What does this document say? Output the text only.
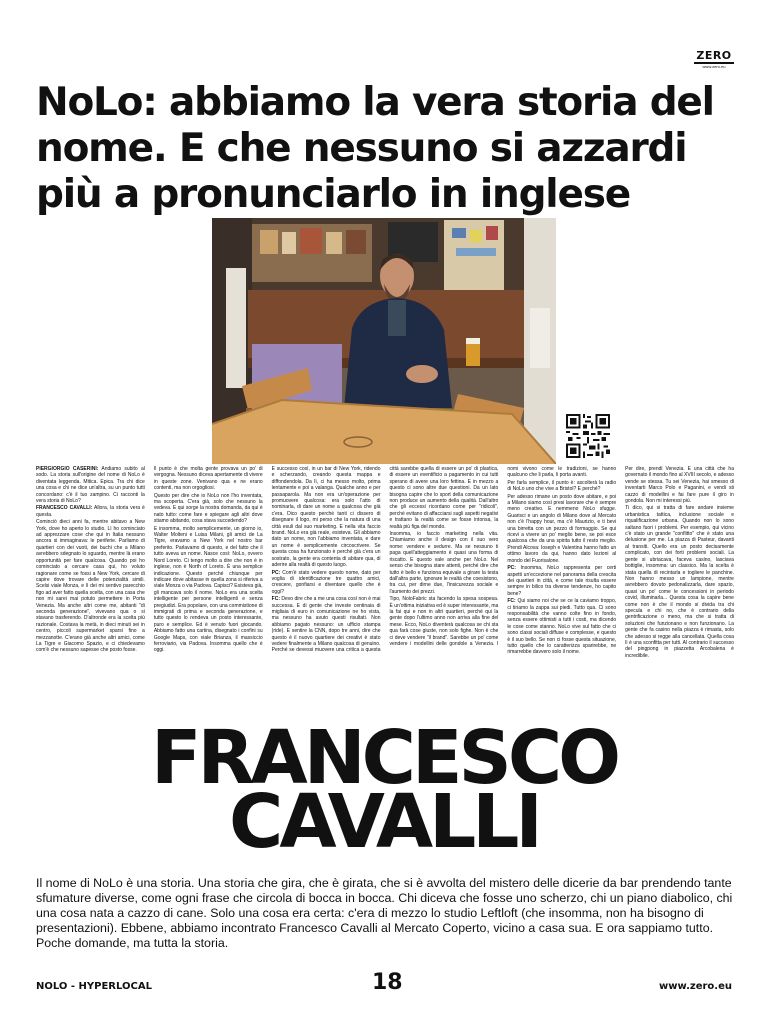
ZERO
www.zero.eu
NoLo: abbiamo la vera storia del nome. E che nessuno si azzardi più a pronunciarlo in inglese

PIERGIORGIO CASERINI: Andiamo subito al sodo. La storia sull'origine del nome di NoLo è diventata leggenda. Mitica. Epica. Tra chi dice una cosa e chi ne dice un'altra, su un punto tutti concordano: c'è il tuo zampino. Ci racconti la vera storia di NoLo?

FRANCESCO CAVALLI: Allora, la storia vera è questa.

Cominciò dieci anni fa, mentre abitavo a New York, dove ho aperto lo studio. Lì ho cominciato ad apprezzare cose che qui in Italia nessuno ancora si immaginava: le periferie. Parliamo di quartieri con dei vuoti, dei buchi che a Milano avrebbero sdegnato lo sguardo, mentre là erano opportunità per fare qualcosa. Quando poi ho cominciato a cercare casa qui, ho voluto ragionare come se fossi a New York, cercare di capire dove trovare delle potenzialità simili. Scelsi viale Monza, e lì dei mi sentivo parecchio figo ad aver fatto quella scelta, con una casa che non mi sarei mai potuto permettere in Porta Venezia. Ma anche altri come me, abitanti "di seconda generazione", vivevano qua o si stavano trasferendo. D'altronde era la scelta più razionale. Costava la metà, in dieci minuti sei in centro, piccoli supermarket sparsi fino a mezzanotte. C'erano già anche altri amici, come La Tigre e Giacomo Spazio, e ci chiedevamo com'è che nessuno sapesse che posto fosse.

Il punto è che molta gente provava un po' di vergogna. Nessuno diceva apertamente di vivere in queste zone. Venivano qua e ne erano contenti, ma non orgogliosi.

Questo per dire che io NoLo non l'ho inventata, ma scoperta. C'era già, solo che nessuno la vedeva. E qui sorge la nostra domanda, da qui è nato tutto: come fare e spiegare agli altri dove stiamo abitando, cosa stava succedendo?

E insomma, molto semplicemente, un giorno io, Walter Molteni e Luisa Milani, gli amici de La Tigre, eravamo a New York nel nostro bar preferito. Parlavamo di questo, e del fatto che il tutto aveva un nome. Nasce così: NoLo, ovvero Nord Loreto. Ci tengo molto a dire che non è in inglese, non è North of Loreto. È una semplice indicazione. Questo perché chiunque per indicare dove abitasse in quella zona si riferiva a viale Monza o via Padova. Capisci? Esisteva già, gli mancava solo il nome. NoLo era una scelta intelligente per persone intelligenti e senza pregiudizi. Era popolare, con una commistione di immigrati di prima e seconda generazione, e tutto questo lo rendeva un posto interessante, puro e semplice. Ed è venuto fuori giocando. Abbiamo fatto una cartina, disegnato i confini su Google Maps, con viale Brianza, il massiccio ferroviario, via Padova. Insomma quello che è oggi.

E successo così, in un bar di New York, ridendo e scherzando, creando questa mappa e diffondendola. Da lì, ci ha messo molto, prima lentamente e poi a valanga. Qualche anno e per passaparola. Ma non era un'operazione per promuovere qualcosa: era solo l'atto di nominarla, di dare un nome a qualcosa che già c'era. Dico questo perché tanti ci dissero di disegnare il logo, mi perso che la natura di una città esuli dal suo marketing. E nella vita faccio brand. NoLo era già reale, esisteva. Gli abbiamo dato un nome, non l'abbiamo inventata, e dare un nome è semplicemente circoscrivere. Se questa cosa ha funzionato è perché già c'era un sostrato, la gente era contenta di abitare qua, di aderire alla realtà di questo luogo.

PC: Com'è stato vedere questo nome, dato per voglia di identificazione tre quattro amici, crescere, gonfiarsi e diventare quello che è oggi?

FC: Devo dire che a me una cosa così non è mai successa. E di gente che investe centinaia di migliaia di euro in comunicazione ne ho vista, ma nessuno ha avuto questi risultati. Non abbiamo pagato nessuno: un ufficio stampa (ride). E sentire la CNN, dopo tre anni, dire che questo è il nuovo quartiere dei creativi è stato vedere finalmente a Milano qualcosa di genuino. Perché se devessi muovere una critica a questa città sarebbe quella di essere un po' di plastica, di essere un eventificio a pagamento in cui tutti sperano di avere una loro fettina. E in mezzo a questo ci sono altre due questioni. Da un lato bisogna capire che lo sport della comunicazione non produce un aumento della qualità. Dall'altro che gli eccessi ricordano come per "ridicoli", perché evitano di affacciarsi sugli aspetti negativi e trattano la realtà come se fosse intonsa, la realtà più figa del mondo.

Insomma, io faccio marketing nella vita. Chiamiamo anche il design con il suo vero nome: vendere e sedurre. Ma se nessuno ti paga quell'atteggiamento è quasi una forma di riscatto. E questo vale anche per NoLo. Nel senso che bisogna stare attenti, perché dire che tutto è bello e funziona equivale a girare la testa dall'altra parte, ignorare le realtà che coesistono, tra cui, per dirne due, l'insicurezza sociale e l'aumento dei prezzi.

Tipo, NoloFabric sta facendo la spesa sospesa. È un'ottima iniziativa ed è super interessante, ma la fai qui e non in altri quartieri, perché qui la gente dopo l'ultimo anno non arriva alla fine del mese. Ecco, NoLo diventerà qualcosa se chi sta qua farà cose giuste, non solo fighe. Non è che ci deve vendere "il brand". Sarebbe un po' come vendere i modellini delle gondole a Venezia. I nomi vivono come le tradizioni, se hanno qualcuno che li parla, li porta avanti.

Per farla semplice, il punto è: ascolterà la radio di NoLo uno che vive a Bristol? E perché?

Per adesso rimane un posto dove abitare, e poi a Milano siamo così presi lavorare che è sempre meno creativo. E nemmeno NoLo sfugge. Guarisci e un angolo di Milano dove al Mercato non c'è l'happy hour, ma c'è Maurizio, e ti bevi una birretta con un pezzo di formaggio. Se qui ricevi a vivere un po' meglio bene, se poi esce qualcosa che da una spirita tutto il resto meglio. Prendi Alcova: Ioseph e Valentina hanno fatto un ottimo lavoro da qui, hanno dato lezioni al mondo del Fuorisalone.

PC: Insomma, NoLo rappresenta per certi aspetti un'eccezione nel panorama della crescita dei quartieri in città, e come tale risulta essere sempre in bilico tra diverse tendenze, ho capito bene?

FC: Qui siamo noi che se ce la caviamo troppo, ci tiriamo la zappa sui piedi. Tutto qua. Ci sono responsabilità che vanno colte fino in fondo, senza essere ottimisti a tutti i costi, ma dicendo le cose come stanno. NoLo vive sul fatto che ci sono classi sociali diffuse e complesse, e questo è il suo bello. Se non ci fosse questa situazione, tutto quello che lo caratterizza sparirebbe, ne rimarrebbe davvero solo il nome.

Per dire, prendi Venezia. È una città che ha governato il mondo fino al XVIII secolo, e adesso vende se stessa. Tu sei Venezia, hai smesso di inventarti Marco Polo e Paganini, e vendi sti cazzo di modellini e fai fare pure il giro in gondola. Non mi interessi più.

Ti dico, qui si tratta di fare andare insieme urbanistica tattica, inclusione sociale e riqualificazione urbana. Quando non lo sono saltano fuori i problemi. Per esempio, qui vicino c'è stato un grande "conflitto" che è stato una delusione per me. La piazza di Pasteur, davanti al transiti. Quello era un posto decisamente complicato, con dei forti problemi sociali. La gente si ubriacava, faceva casino, lasciava bottiglie, insomma: un classico. Ma la scelta è stata quella di recintarla e togliere le panchine. Non hanno messo un lampione, mentre avrebbero dovuto pedonalizzarla, dare spazio, quasi un po' come le concessioni in periodo covid, illuminarla... Questa cosa la capire bene come non è che il mondo si divida tra chi specula e chi no, che è contrario della gentrificazione o meno, ma che si tratta di soluzioni che funzionano e non funzionano. La gente che fa casino nella piazza è rimasta, solo che adesso si regge alla cancellata. Quella cosa lì è una sconfitta per tutti. Al contrario il successo del pingpong in piazzetta Arcobalena è incredibile.

FRANCESCO
CAVALLI

Il nome di NoLo è una storia. Una storia che gira, che è girata, che si è avvolta del mistero delle dicerie da bar prendendo tante sfumature diverse, come ogni frase che circola di bocca in bocca. Chi diceva che fosse uno scherzo, chi un piano diabolico, chi una cosa nata a cazzo di cane. Solo una cosa era certa: c'era di mezzo lo studio Leftloft (che insomma, non ha bisogno di presentazioni). Ebbene, abbiamo incontrato Francesco Cavalli al Mercato Coperto, vicino a casa sua. E ora sappiamo tutto. Poche domande, ma tutta la storia.

NOLO - HYPERLOCAL	18	www.zero.eu
